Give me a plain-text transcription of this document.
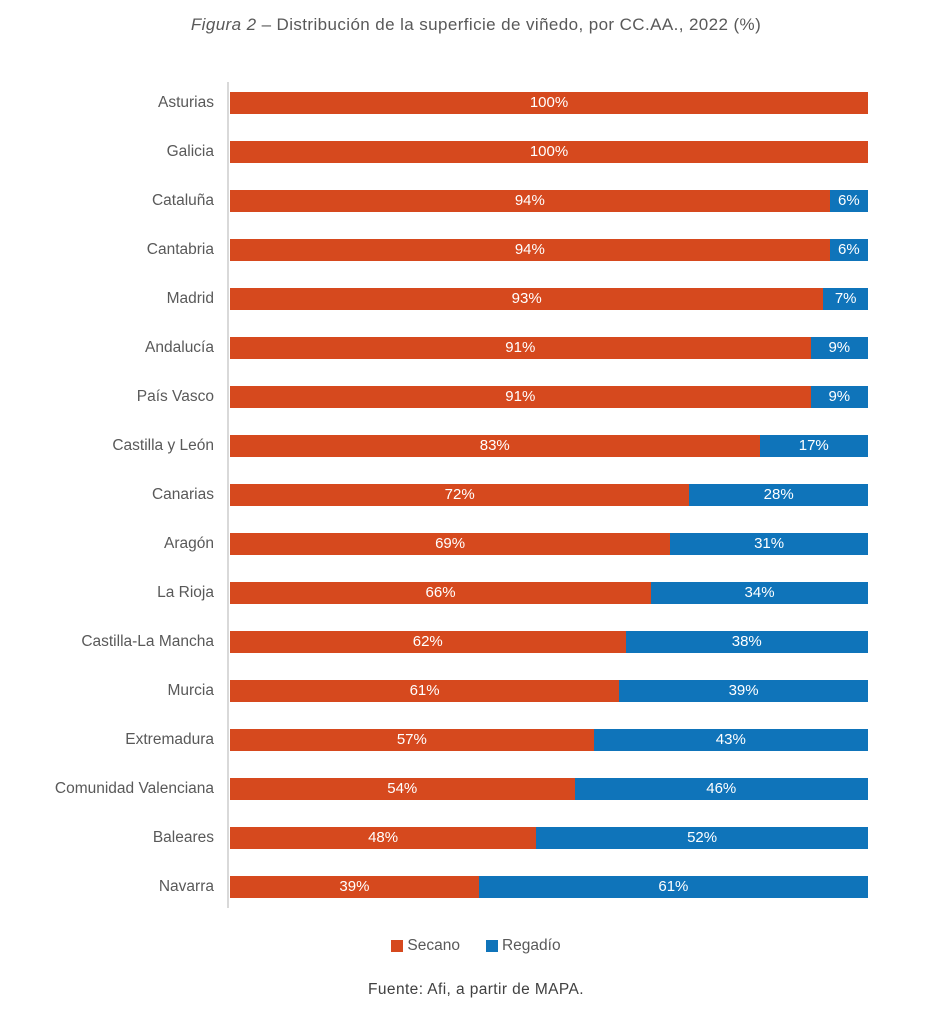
Figura 2 – Distribución de la superficie de viñedo, por CC.AA., 2022 (%)
Asturias	100%
Galicia	100%
Cataluña	94%	6%
Cantabria	94%	6%
Madrid	93%	7%
Andalucía	91%	9%
País Vasco	91%	9%
Castilla y León	83%	17%
Canarias	72%	28%
Aragón	69%	31%
La Rioja	66%	34%
Castilla-La Mancha	62%	38%
Murcia	61%	39%
Extremadura	57%	43%
Comunidad Valenciana	54%	46%
Baleares	48%	52%
Navarra	39%	61%
Secano	Regadío
Fuente: Afi, a partir de MAPA.
